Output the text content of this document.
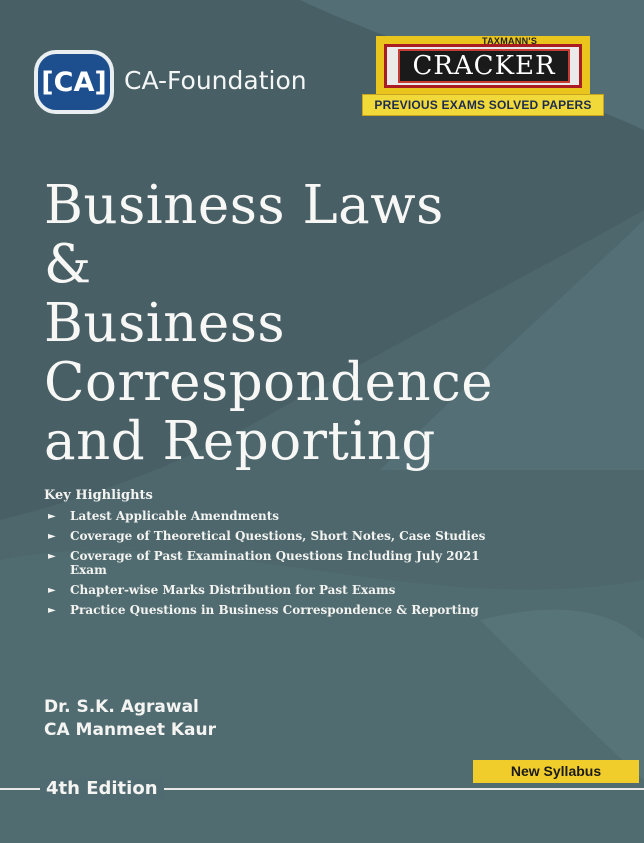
[CA] CA-Foundation
TAXMANN'S
CRACKER
PREVIOUS EXAMS SOLVED PAPERS
Business Laws
&
Business
Correspondence
and Reporting
Key Highlights
► Latest Applicable Amendments
► Coverage of Theoretical Questions, Short Notes, Case Studies
► Coverage of Past Examination Questions Including July 2021 Exam
► Chapter-wise Marks Distribution for Past Exams
► Practice Questions in Business Correspondence & Reporting
Dr. S.K. Agrawal
CA Manmeet Kaur
New Syllabus
4th Edition
